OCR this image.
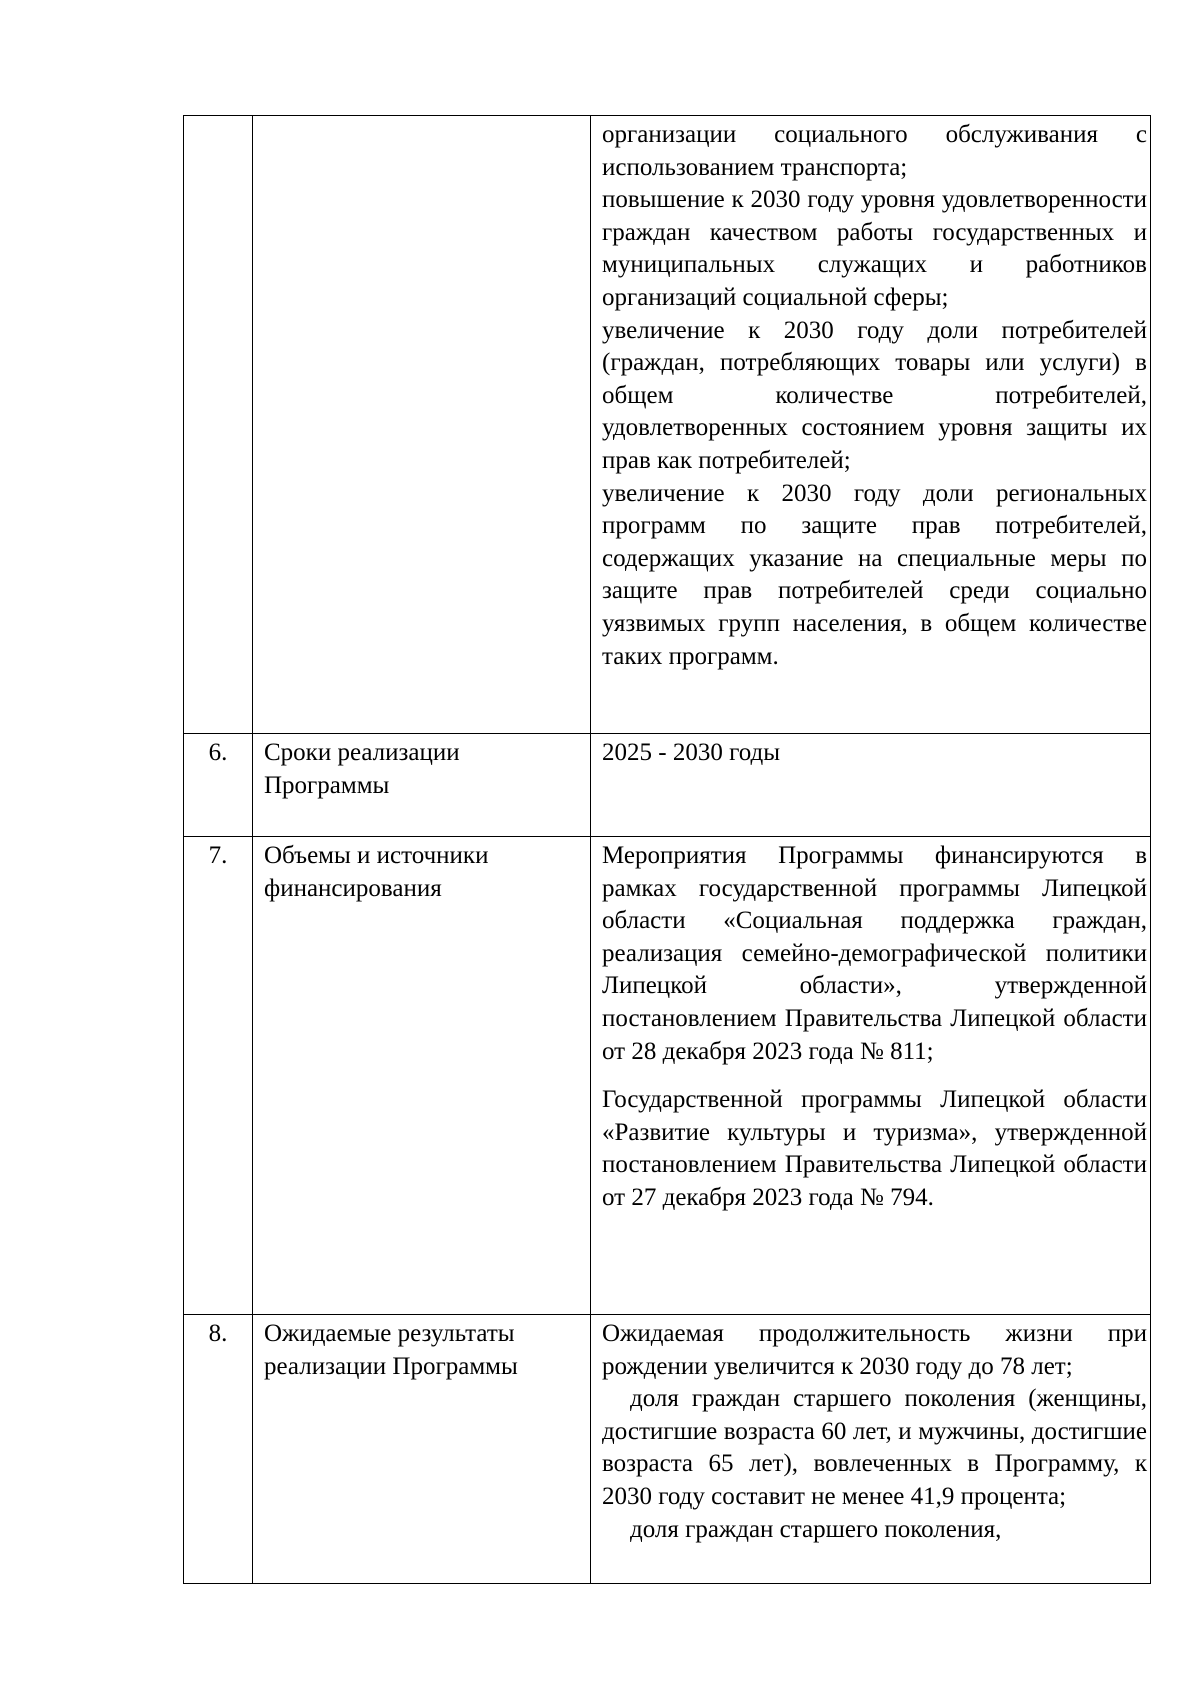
		организации социального обслуживания с использованием транспорта;

повышение к 2030 году уровня удовлетворенности граждан качеством работы государственных и муниципальных служащих и работников организаций социальной сферы;

увеличение к 2030 году доли потребителей (граждан, потребляющих товары или услуги) в общем количестве потребителей, удовлетворенных состоянием уровня защиты их прав как потребителей;

увеличение к 2030 году доли региональных программ по защите прав потребителей, содержащих указание на специальные меры по защите прав потребителей среди социально уязвимых групп населения, в общем количестве таких программ.

6.	Сроки реализации Программы	2025 - 2030 годы

7.	Объемы и источники финансирования	Мероприятия Программы финансируются в рамках государственной программы Липецкой области «Социальная поддержка граждан, реализация семейно-демографической политики Липецкой области», утвержденной постановлением Правительства Липецкой области от 28 декабря 2023 года № 811;

Государственной программы Липецкой области «Развитие культуры и туризма», утвержденной постановлением Правительства Липецкой области от 27 декабря 2023 года № 794.

8.	Ожидаемые результаты реализации Программы	Ожидаемая продолжительность жизни при рождении увеличится к 2030 году до 78 лет;

доля граждан старшего поколения (женщины, достигшие возраста 60 лет, и мужчины, достигшие возраста 65 лет), вовлеченных в Программу, к 2030 году составит не менее 41,9 процента;

доля граждан старшего поколения,
